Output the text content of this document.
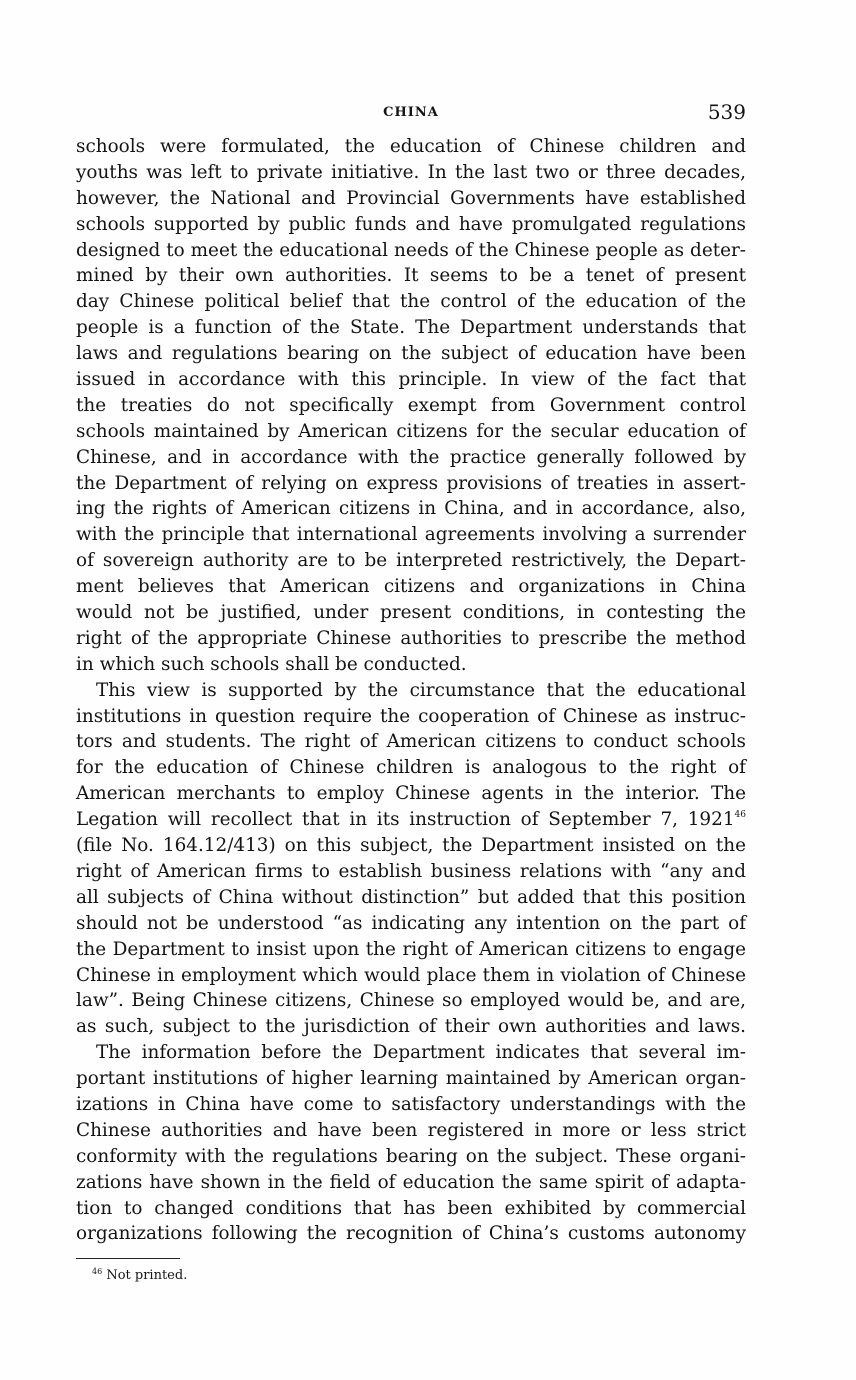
CHINA	539
schools were formulated, the education of Chinese children and
youths was left to private initiative. In the last two or three decades,
however, the National and Provincial Governments have established
schools supported by public funds and have promulgated regulations
designed to meet the educational needs of the Chinese people as deter-
mined by their own authorities. It seems to be a tenet of present
day Chinese political belief that the control of the education of the
people is a function of the State. The Department understands that
laws and regulations bearing on the subject of education have been
issued in accordance with this principle. In view of the fact that
the treaties do not specifically exempt from Government control
schools maintained by American citizens for the secular education of
Chinese, and in accordance with the practice generally followed by
the Department of relying on express provisions of treaties in assert-
ing the rights of American citizens in China, and in accordance, also,
with the principle that international agreements involving a surrender
of sovereign authority are to be interpreted restrictively, the Depart-
ment believes that American citizens and organizations in China
would not be justified, under present conditions, in contesting the
right of the appropriate Chinese authorities to prescribe the method
in which such schools shall be conducted.
This view is supported by the circumstance that the educational
institutions in question require the cooperation of Chinese as instruc-
tors and students. The right of American citizens to conduct schools
for the education of Chinese children is analogous to the right of
American merchants to employ Chinese agents in the interior. The
Legation will recollect that in its instruction of September 7, 1921$^{46}$
(file No. 164.12/413) on this subject, the Department insisted on the
right of American firms to establish business relations with “any and
all subjects of China without distinction” but added that this position
should not be understood “as indicating any intention on the part of
the Department to insist upon the right of American citizens to engage
Chinese in employment which would place them in violation of Chinese
law”. Being Chinese citizens, Chinese so employed would be, and are,
as such, subject to the jurisdiction of their own authorities and laws.
The information before the Department indicates that several im-
portant institutions of higher learning maintained by American organ-
izations in China have come to satisfactory understandings with the
Chinese authorities and have been registered in more or less strict
conformity with the regulations bearing on the subject. These organi-
zations have shown in the field of education the same spirit of adapta-
tion to changed conditions that has been exhibited by commercial
organizations following the recognition of China’s customs autonomy
$^{46}$ Not printed.
